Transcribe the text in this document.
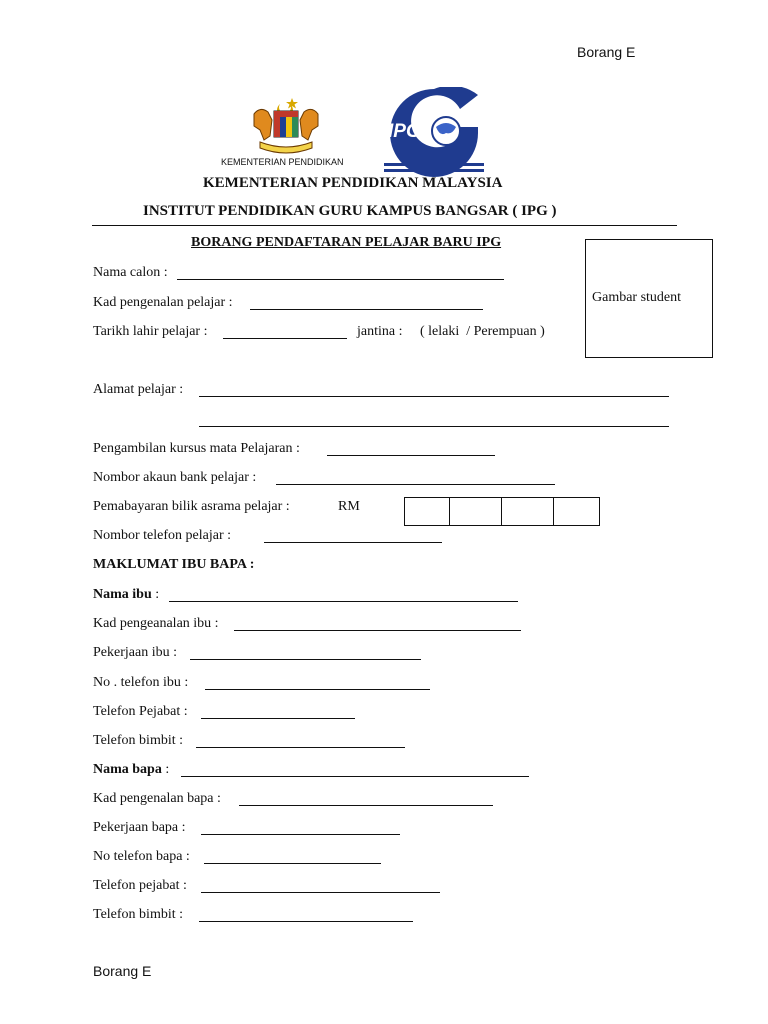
Borang E
KEMENTERIAN PENDIDIKAN
IPG
KEMENTERIAN PENDIDIKAN MALAYSIA
INSTITUT PENDIDIKAN GURU KAMPUS BANGSAR ( IPG )
BORANG PENDAFTARAN PELAJAR BARU IPG
Gambar student
Nama calon :
Kad pengenalan pelajar :
Tarikh lahir pelajar :	jantina : ( lelaki  / Perempuan )
Alamat pelajar :
Pengambilan kursus mata Pelajaran :
Nombor akaun bank pelajar :
Pemabayaran bilik asrama pelajar :	RM
Nombor telefon pelajar :
MAKLUMAT IBU BAPA :
Nama ibu :
Kad pengeanalan ibu :
Pekerjaan ibu :
No . telefon ibu :
Telefon Pejabat :
Telefon bimbit :
Nama bapa :
Kad pengenalan bapa :
Pekerjaan bapa :
No telefon bapa :
Telefon pejabat :
Telefon bimbit :
Borang E
